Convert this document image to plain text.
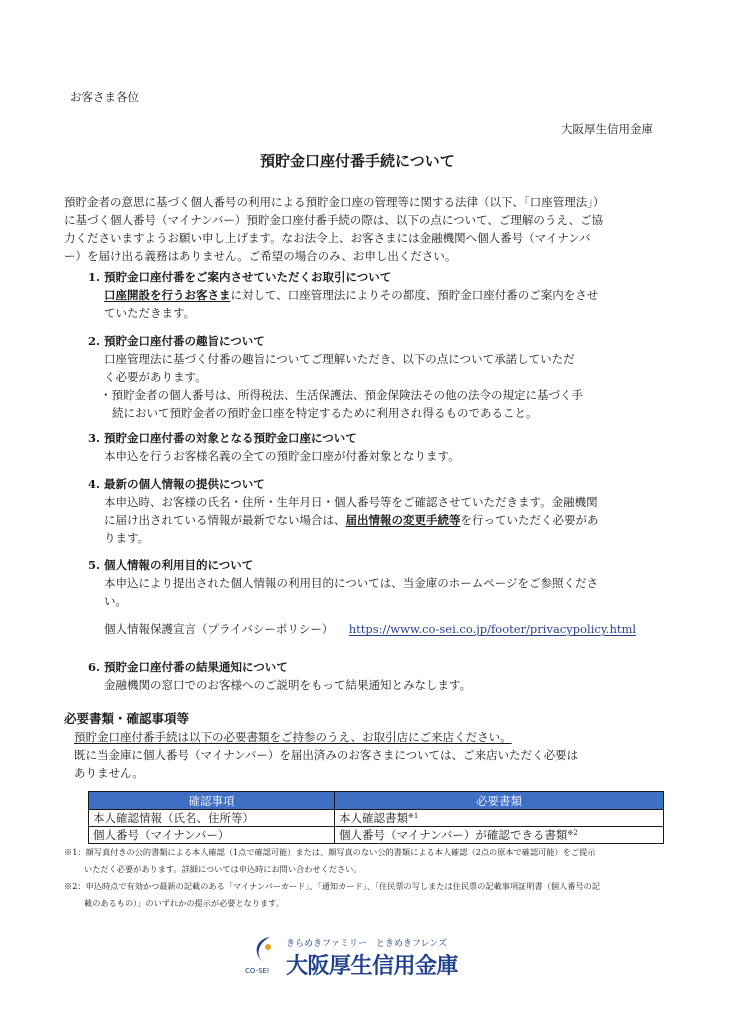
お客さま各位
大阪厚生信用金庫
預貯金口座付番手続について
預貯金者の意思に基づく個人番号の利用による預貯金口座の管理等に関する法律（以下、｢口座管理法｣）
に基づく個人番号（マイナンバー）預貯金口座付番手続の際は、以下の点について、ご理解のうえ、ご協
力くださいますようお願い申し上げます。なお法令上、お客さまには金融機関へ個人番号（マイナンバ
ー）を届け出る義務はありません。ご希望の場合のみ、お申し出ください。
1. 預貯金口座付番をご案内させていただくお取引について
口座開設を行うお客さまに対して、口座管理法によりその都度、預貯金口座付番のご案内をさせ
ていただきます。
2. 預貯金口座付番の趣旨について
口座管理法に基づく付番の趣旨についてご理解いただき、以下の点について承諾していただ
く必要があります。
・預貯金者の個人番号は、所得税法、生活保護法、預金保険法その他の法令の規定に基づく手
続において預貯金者の預貯金口座を特定するために利用され得るものであること。
3. 預貯金口座付番の対象となる預貯金口座について
本申込を行うお客様名義の全ての預貯金口座が付番対象となります。
4. 最新の個人情報の提供について
本申込時、お客様の氏名・住所・生年月日・個人番号等をご確認させていただきます。金融機関
に届け出されている情報が最新でない場合は、届出情報の変更手続等を行っていただく必要があ
ります。
5. 個人情報の利用目的について
本申込により提出された個人情報の利用目的については、当金庫のホームページをご参照くださ
い。
個人情報保護宣言（プライバシーポリシー） https://www.co-sei.co.jp/footer/privacypolicy.html
6. 預貯金口座付番の結果通知について
金融機関の窓口でのお客様へのご説明をもって結果通知とみなします。
必要書類・確認事項等
預貯金口座付番手続は以下の必要書類をご持参のうえ、お取引店にご来店ください。
既に当金庫に個人番号（マイナンバー）を届出済みのお客さまについては、ご来店いただく必要は
ありません。
確認事項	必要書類
本人確認情報（氏名、住所等）	本人確認書類$^{※1}$
個人番号（マイナンバー）	個人番号（マイナンバー）が確認できる書類$^{※2}$
※1：顔写真付きの公的書類による本人確認（1点で確認可能）または、顔写真のない公的書類による本人確認（2点の原本で確認可能）をご提示
いただく必要があります。詳細については申込時にお問い合わせください。
※2：申込時点で有効かつ最新の記載のある「マイナンバーカード」、「通知カード」、「住民票の写しまたは住民票の記載事項証明書（個人番号の記
載のあるもの）」のいずれかの提示が必要となります。
CO-SEI
きらめきファミリー　ときめきフレンズ
大阪厚生信用金庫
